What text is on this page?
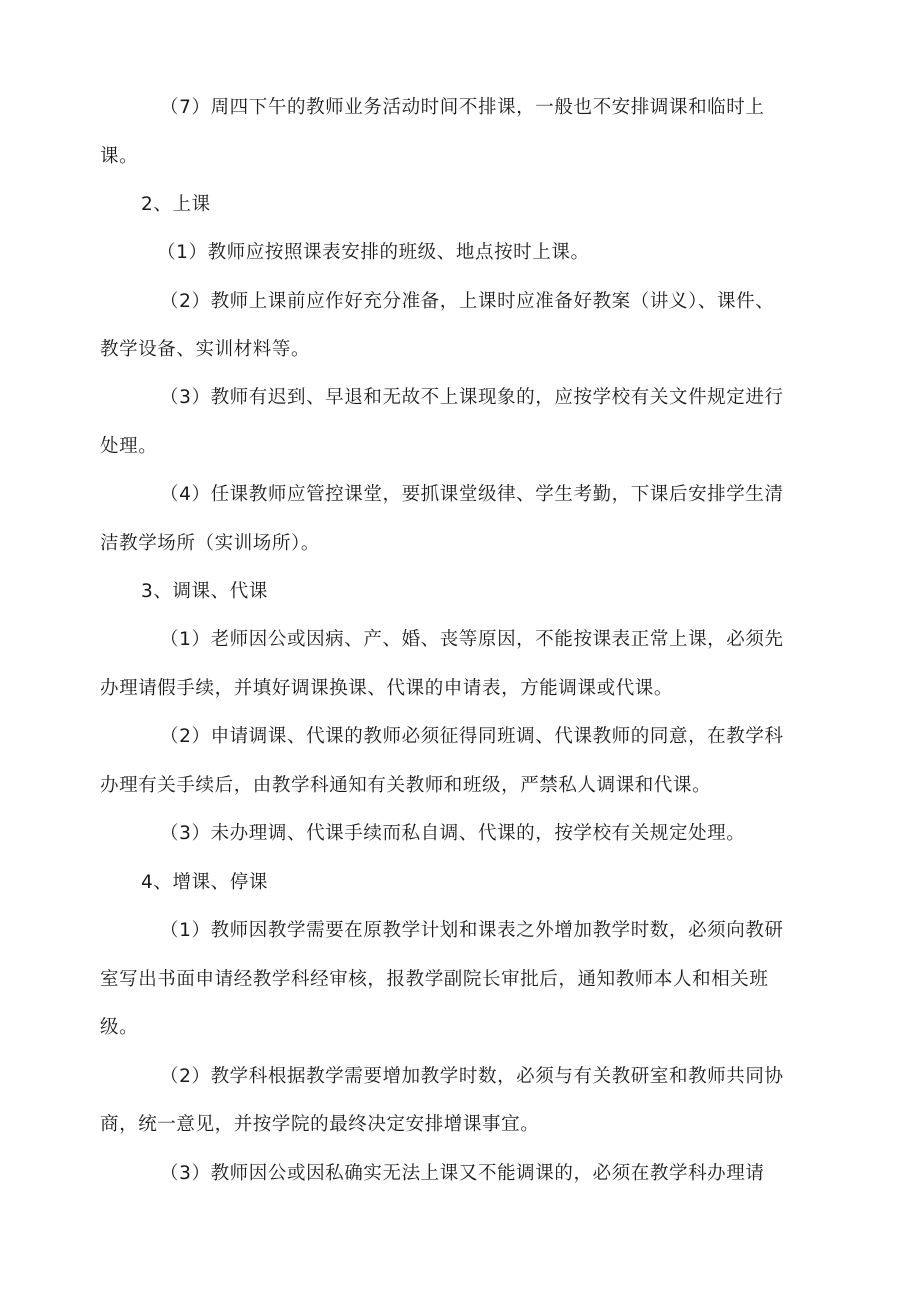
（7）周四下午的教师业务活动时间不排课，一般也不安排调课和临时上
课。
2、上课
（1）教师应按照课表安排的班级、地点按时上课。
（2）教师上课前应作好充分准备，上课时应准备好教案（讲义）、课件、
教学设备、实训材料等。
（3）教师有迟到、早退和无故不上课现象的，应按学校有关文件规定进行
处理。
（4）任课教师应管控课堂，要抓课堂级律、学生考勤，下课后安排学生清
洁教学场所（实训场所）。
3、调课、代课
（1）老师因公或因病、产、婚、丧等原因，不能按课表正常上课，必须先
办理请假手续，并填好调课换课、代课的申请表，方能调课或代课。
（2）申请调课、代课的教师必须征得同班调、代课教师的同意，在教学科
办理有关手续后，由教学科通知有关教师和班级，严禁私人调课和代课。
（3）未办理调、代课手续而私自调、代课的，按学校有关规定处理。
4、增课、停课
（1）教师因教学需要在原教学计划和课表之外增加教学时数，必须向教研
室写出书面申请经教学科经审核，报教学副院长审批后，通知教师本人和相关班
级。
（2）教学科根据教学需要增加教学时数，必须与有关教研室和教师共同协
商，统一意见，并按学院的最终决定安排增课事宜。
（3）教师因公或因私确实无法上课又不能调课的，必须在教学科办理请
